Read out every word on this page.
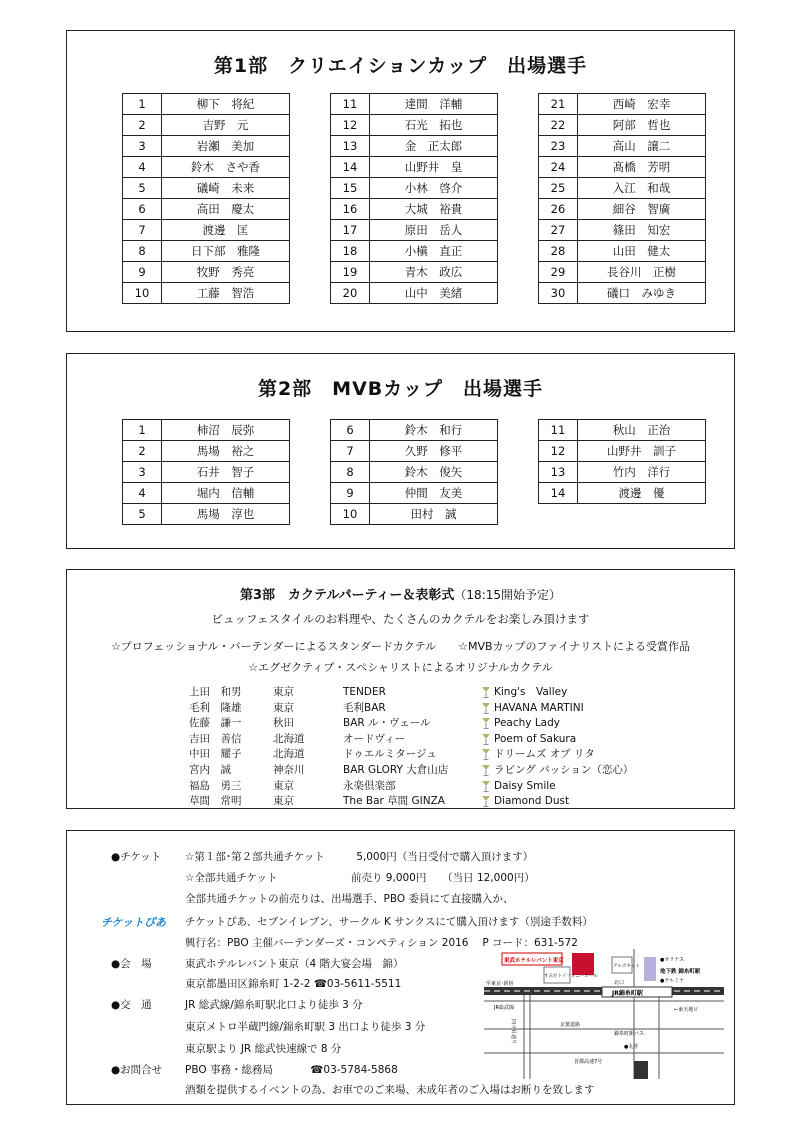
第1部　クリエイションカップ　出場選手
1	柳下　将紀
2	吉野　元
3	岩瀬　美加
4	鈴木　さや香
5	礒崎　未来
6	高田　慶太
7	渡邊　匡
8	日下部　雅隆
9	牧野　秀亮
10	工藤　智浩
11	達間　洋輔
12	石光　拓也
13	金　正太郎
14	山野井　皇
15	小林　啓介
16	大城　裕貴
17	原田　岳人
18	小槇　直正
19	青木　政広
20	山中　美緒
21	西崎　宏幸
22	阿部　哲也
23	高山　譲二
24	髙橋　芳明
25	入江　和哉
26	細谷　智廣
27	篠田　知宏
28	山田　健太
29	長谷川　正樹
30	礒口　みゆき
第2部　MVBカップ　出場選手
1	柿沼　辰弥
2	馬場　裕之
3	石井　智子
4	堀内　信輔
5	馬場　淳也
6	鈴木　和行
7	久野　修平
8	鈴木　俊矢
9	仲間　友美
10	田村　誠
11	秋山　正治
12	山野井　訓子
13	竹内　洋行
14	渡邊　優
第3部　カクテルパーティー＆表彰式（18:15開始予定）
ビュッフェスタイルのお料理や、たくさんのカクテルをお楽しみ頂けます
☆プロフェッショナル・バーテンダーによるスタンダードカクテル　　☆MVBカップのファイナリストによる受賞作品
☆エグゼクティブ・スペシャリストによるオリジナルカクテル
上田　和男	東京	TENDER	King's　Valley
毛利　隆雄	東京	毛利BAR	HAVANA MARTINI
佐藤　謙一	秋田	BAR ル・ヴェール	Peachy Lady
吉田　善信	北海道	オードヴィー	Poem of Sakura
中田　耀子	北海道	ドゥエルミタージュ	ドリームズ オブ リタ
宮内　誠	神奈川	BAR GLORY 大倉山店	ラビング パッション（恋心）
福島　勇三	東京	永楽倶楽部	Daisy Smile
草間　常明	東京	The Bar 草間 GINZA	Diamond Dust
●チケット ☆第１部･第２部共通チケット　　　5,000円（当日受付で購入頂けます）
☆全部共通チケット　　　　　　　前売り 9,000円　　（当日 12,000円）
全部共通チケットの前売りは、出場選手、PBO 委員にて直接購入か、
チケットぴあ チケットぴあ、セブンイレブン、サークル K サンクスにて購入頂けます（別途手数料）
興行名：PBO 主催バーテンダーズ・コンペティション 2016　 P コード：631-572
●会　場	東武ホテルレバント東京（4 階大宴会場　錦）
東京都墨田区錦糸町 1-2-2 ☎03-5611-5511
●交　通	JR 総武線/錦糸町駅北口より徒歩 3 分
東京メトロ半蔵門線/錦糸町駅 3 出口より徒歩 3 分
東京駅より JR 総武快速線で 8 分
●お問合せ PBO 事務・総務局	☎03-5784-5868
酒類を提供するイベントの為、お車でのご来場、未成年者のご入場はお断りを致します
東武ホテルレバント東京
すみだトリフォニーホール
アルカキット
●オリナス
地下鉄 錦糸町駅
JR錦糸町駅
●テルミナ
北口
至東京･新宿
JR総武線
京葉道路
←東天地ビ
錦糸町駅バス
●丸井
首都高速7号
四ツ目通り
